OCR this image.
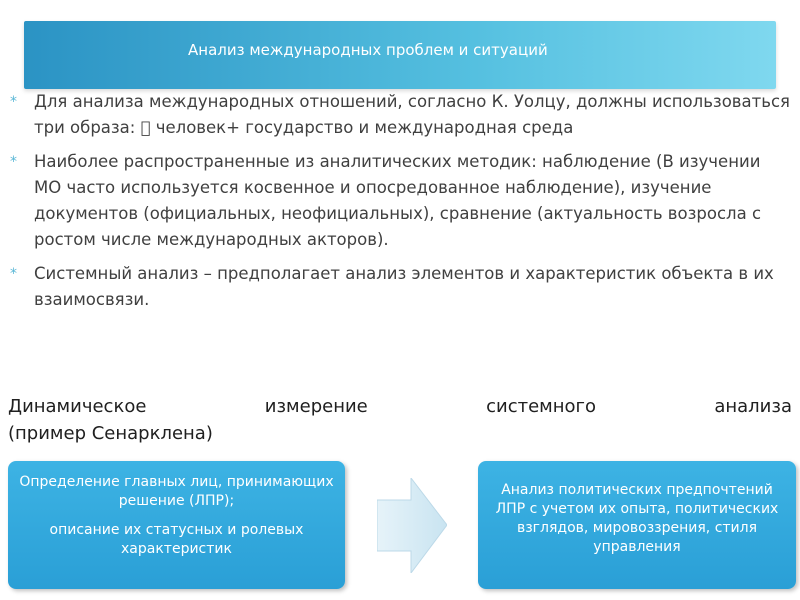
Анализ международных проблем и ситуаций
* Для анализа международных отношений, согласно К. Уолцу, должны использоваться три образа: человек+ государство и международная среда
* Наиболее распространенные из аналитических методик: наблюдение (В изучении МО часто используется косвенное и опосредованное наблюдение), изучение документов (официальных, неофициальных), сравнение (актуальность возросла с ростом числе международных акторов).
* Системный анализ – предполагает анализ элементов и характеристик объекта в их взаимосвязи.
Динамическое	измерение	системного	анализа
(пример Сенарклена)

Определение главных лиц, принимающих решение (ЛПР);

описание их статусных и ролевых характеристик

Анализ политических предпочтений ЛПР с учетом их опыта, политических взглядов, мировоззрения, стиля управления
